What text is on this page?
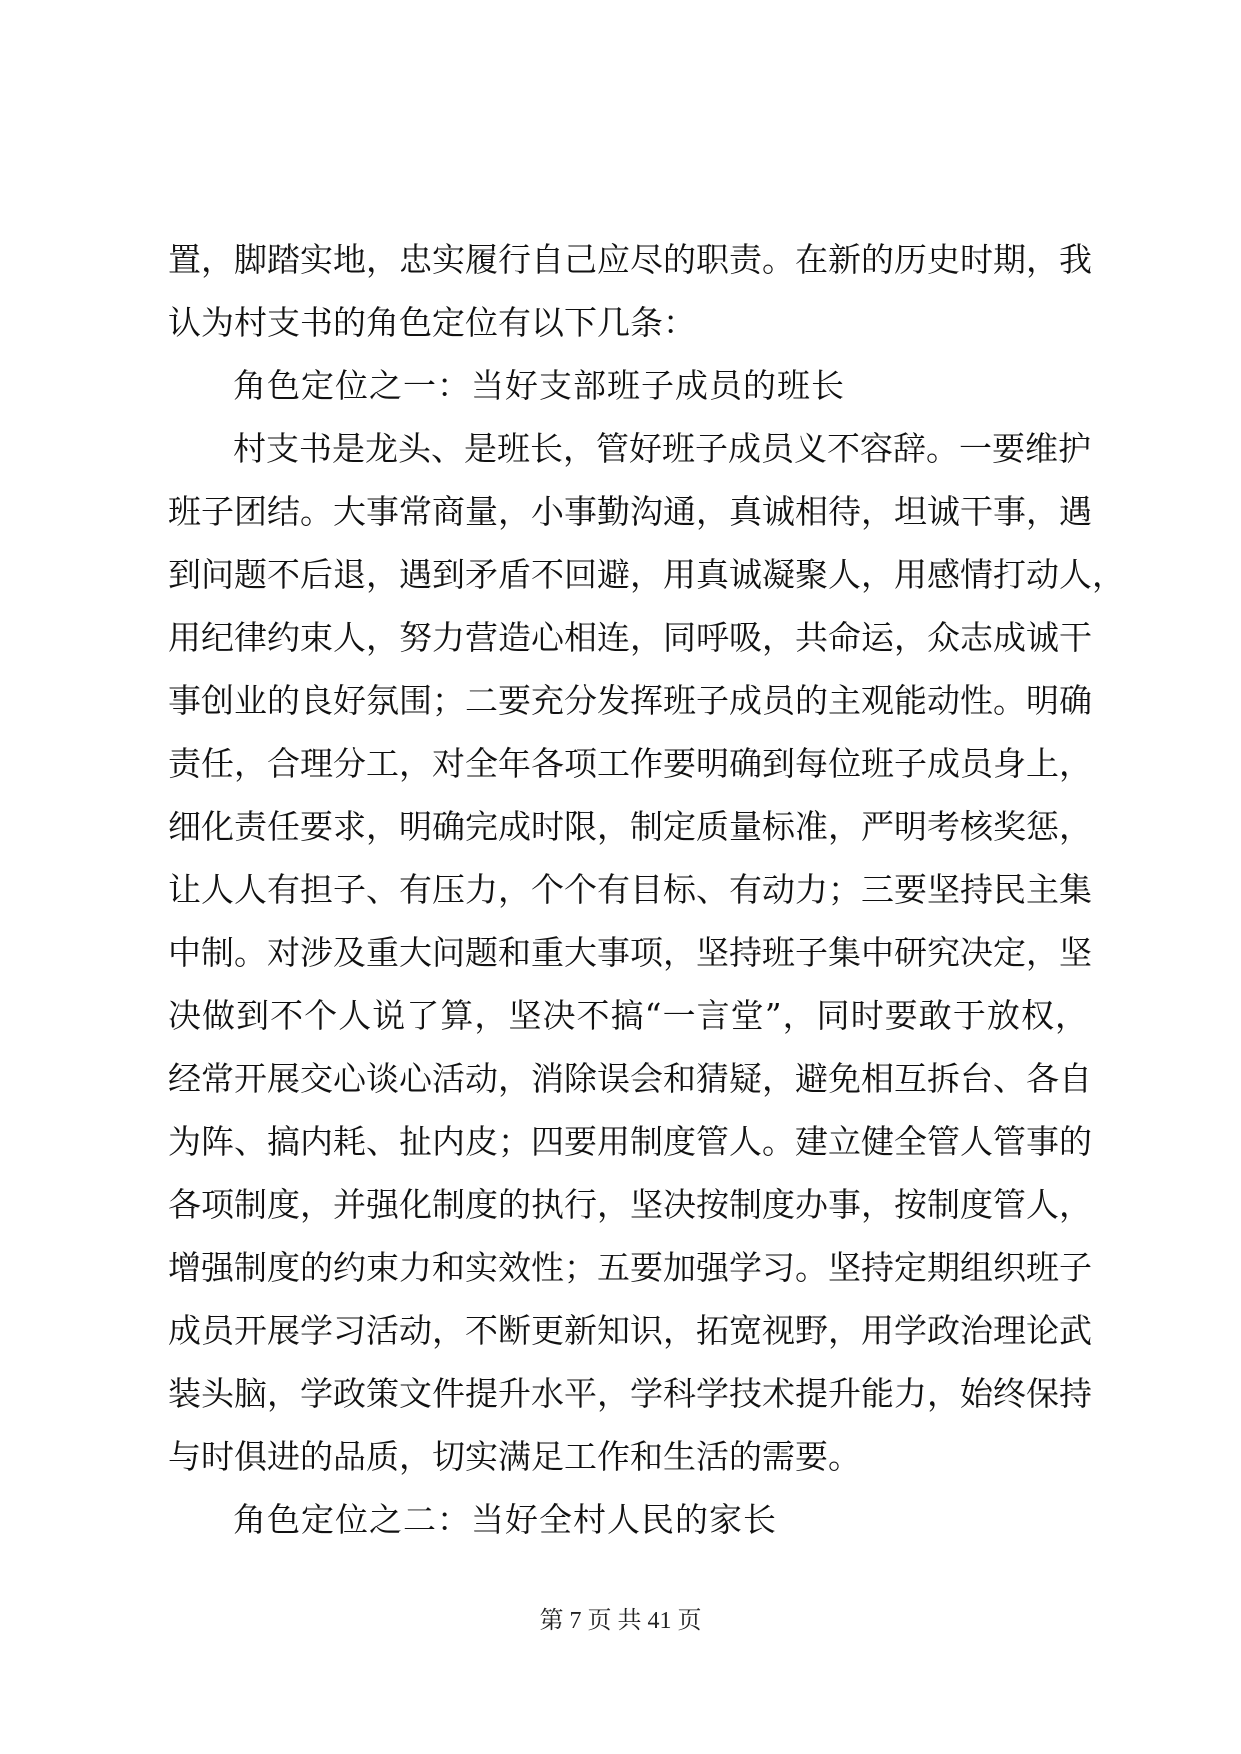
置，脚踏实地，忠实履行自己应尽的职责。在新的历史时期，我
认为村支书的角色定位有以下几条：
角色定位之一：当好支部班子成员的班长
村支书是龙头、是班长，管好班子成员义不容辞。一要维护
班子团结。大事常商量，小事勤沟通，真诚相待，坦诚干事，遇
到问题不后退，遇到矛盾不回避，用真诚凝聚人，用感情打动人，
用纪律约束人，努力营造心相连，同呼吸，共命运，众志成诚干
事创业的良好氛围；二要充分发挥班子成员的主观能动性。明确
责任，合理分工，对全年各项工作要明确到每位班子成员身上，
细化责任要求，明确完成时限，制定质量标准，严明考核奖惩，
让人人有担子、有压力，个个有目标、有动力；三要坚持民主集
中制。对涉及重大问题和重大事项，坚持班子集中研究决定，坚
决做到不个人说了算，坚决不搞“一言堂”，同时要敢于放权，
经常开展交心谈心活动，消除误会和猜疑，避免相互拆台、各自
为阵、搞内耗、扯内皮；四要用制度管人。建立健全管人管事的
各项制度，并强化制度的执行，坚决按制度办事，按制度管人，
增强制度的约束力和实效性；五要加强学习。坚持定期组织班子
成员开展学习活动，不断更新知识，拓宽视野，用学政治理论武
装头脑，学政策文件提升水平，学科学技术提升能力，始终保持
与时俱进的品质，切实满足工作和生活的需要。
角色定位之二：当好全村人民的家长
第 7 页 共 41 页
